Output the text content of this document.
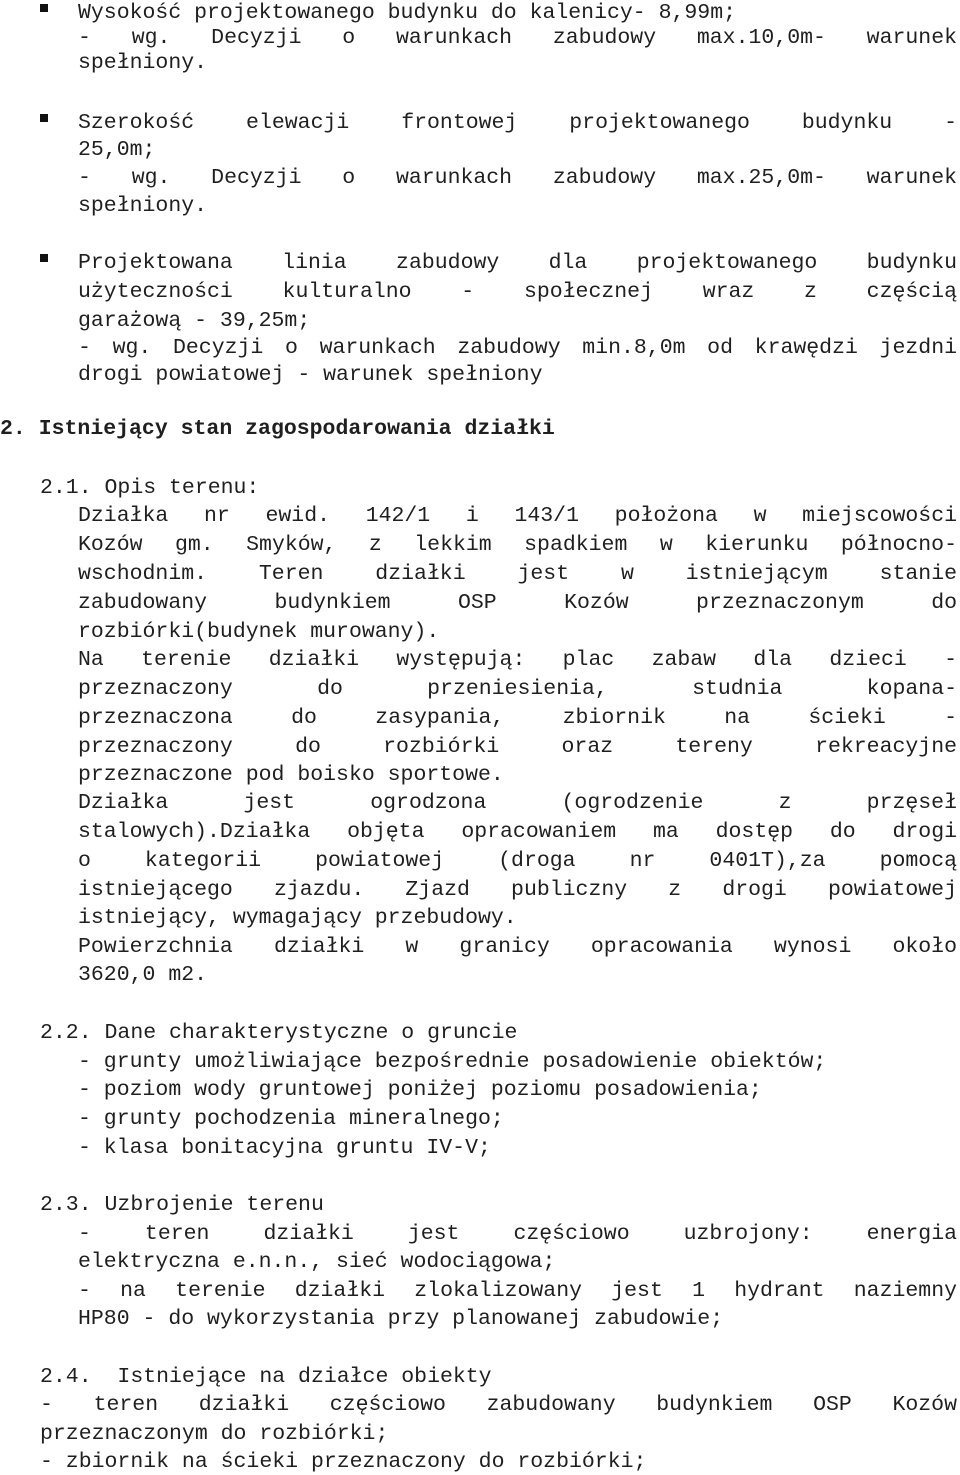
Wysokość projektowanego budynku do kalenicy- 8,99m;
- wg. Decyzji o warunkach zabudowy max.10,0m- warunek
spełniony.
Szerokość elewacji frontowej projektowanego budynku -
25,0m;
- wg. Decyzji o warunkach zabudowy max.25,0m- warunek
spełniony.
Projektowana linia zabudowy dla projektowanego budynku
użyteczności kulturalno - społecznej wraz z częścią
garażową - 39,25m;
- wg. Decyzji o warunkach zabudowy min.8,0m od krawędzi jezdni
drogi powiatowej - warunek spełniony
2. Istniejący stan zagospodarowania działki
2.1. Opis terenu:
Działka nr ewid. 142/1 i 143/1 położona w miejscowości
Kozów gm. Smyków, z lekkim spadkiem w kierunku północno-
wschodnim. Teren działki jest w istniejącym stanie
zabudowany budynkiem OSP Kozów przeznaczonym do
rozbiórki(budynek murowany).
Na terenie działki występują: plac zabaw dla dzieci -
przeznaczony do przeniesienia, studnia kopana-
przeznaczona do zasypania, zbiornik na ścieki -
przeznaczony do rozbiórki oraz tereny rekreacyjne
przeznaczone pod boisko sportowe.
Działka jest ogrodzona (ogrodzenie z przęseł
stalowych).Działka objęta opracowaniem ma dostęp do drogi
o kategorii powiatowej (droga nr 0401T),za pomocą
istniejącego zjazdu. Zjazd publiczny z drogi powiatowej
istniejący, wymagający przebudowy.
Powierzchnia działki w granicy opracowania wynosi około
3620,0 m2.
2.2. Dane charakterystyczne o gruncie
- grunty umożliwiające bezpośrednie posadowienie obiektów;
- poziom wody gruntowej poniżej poziomu posadowienia;
- grunty pochodzenia mineralnego;
- klasa bonitacyjna gruntu IV-V;
2.3. Uzbrojenie terenu
- teren działki jest częściowo uzbrojony: energia
elektryczna e.n.n., sieć wodociągowa;
- na terenie działki zlokalizowany jest 1 hydrant naziemny
HP80 - do wykorzystania przy planowanej zabudowie;
2.4.  Istniejące na działce obiekty
- teren działki częściowo zabudowany budynkiem OSP Kozów
przeznaczonym do rozbiórki;
- zbiornik na ścieki przeznaczony do rozbiórki;
